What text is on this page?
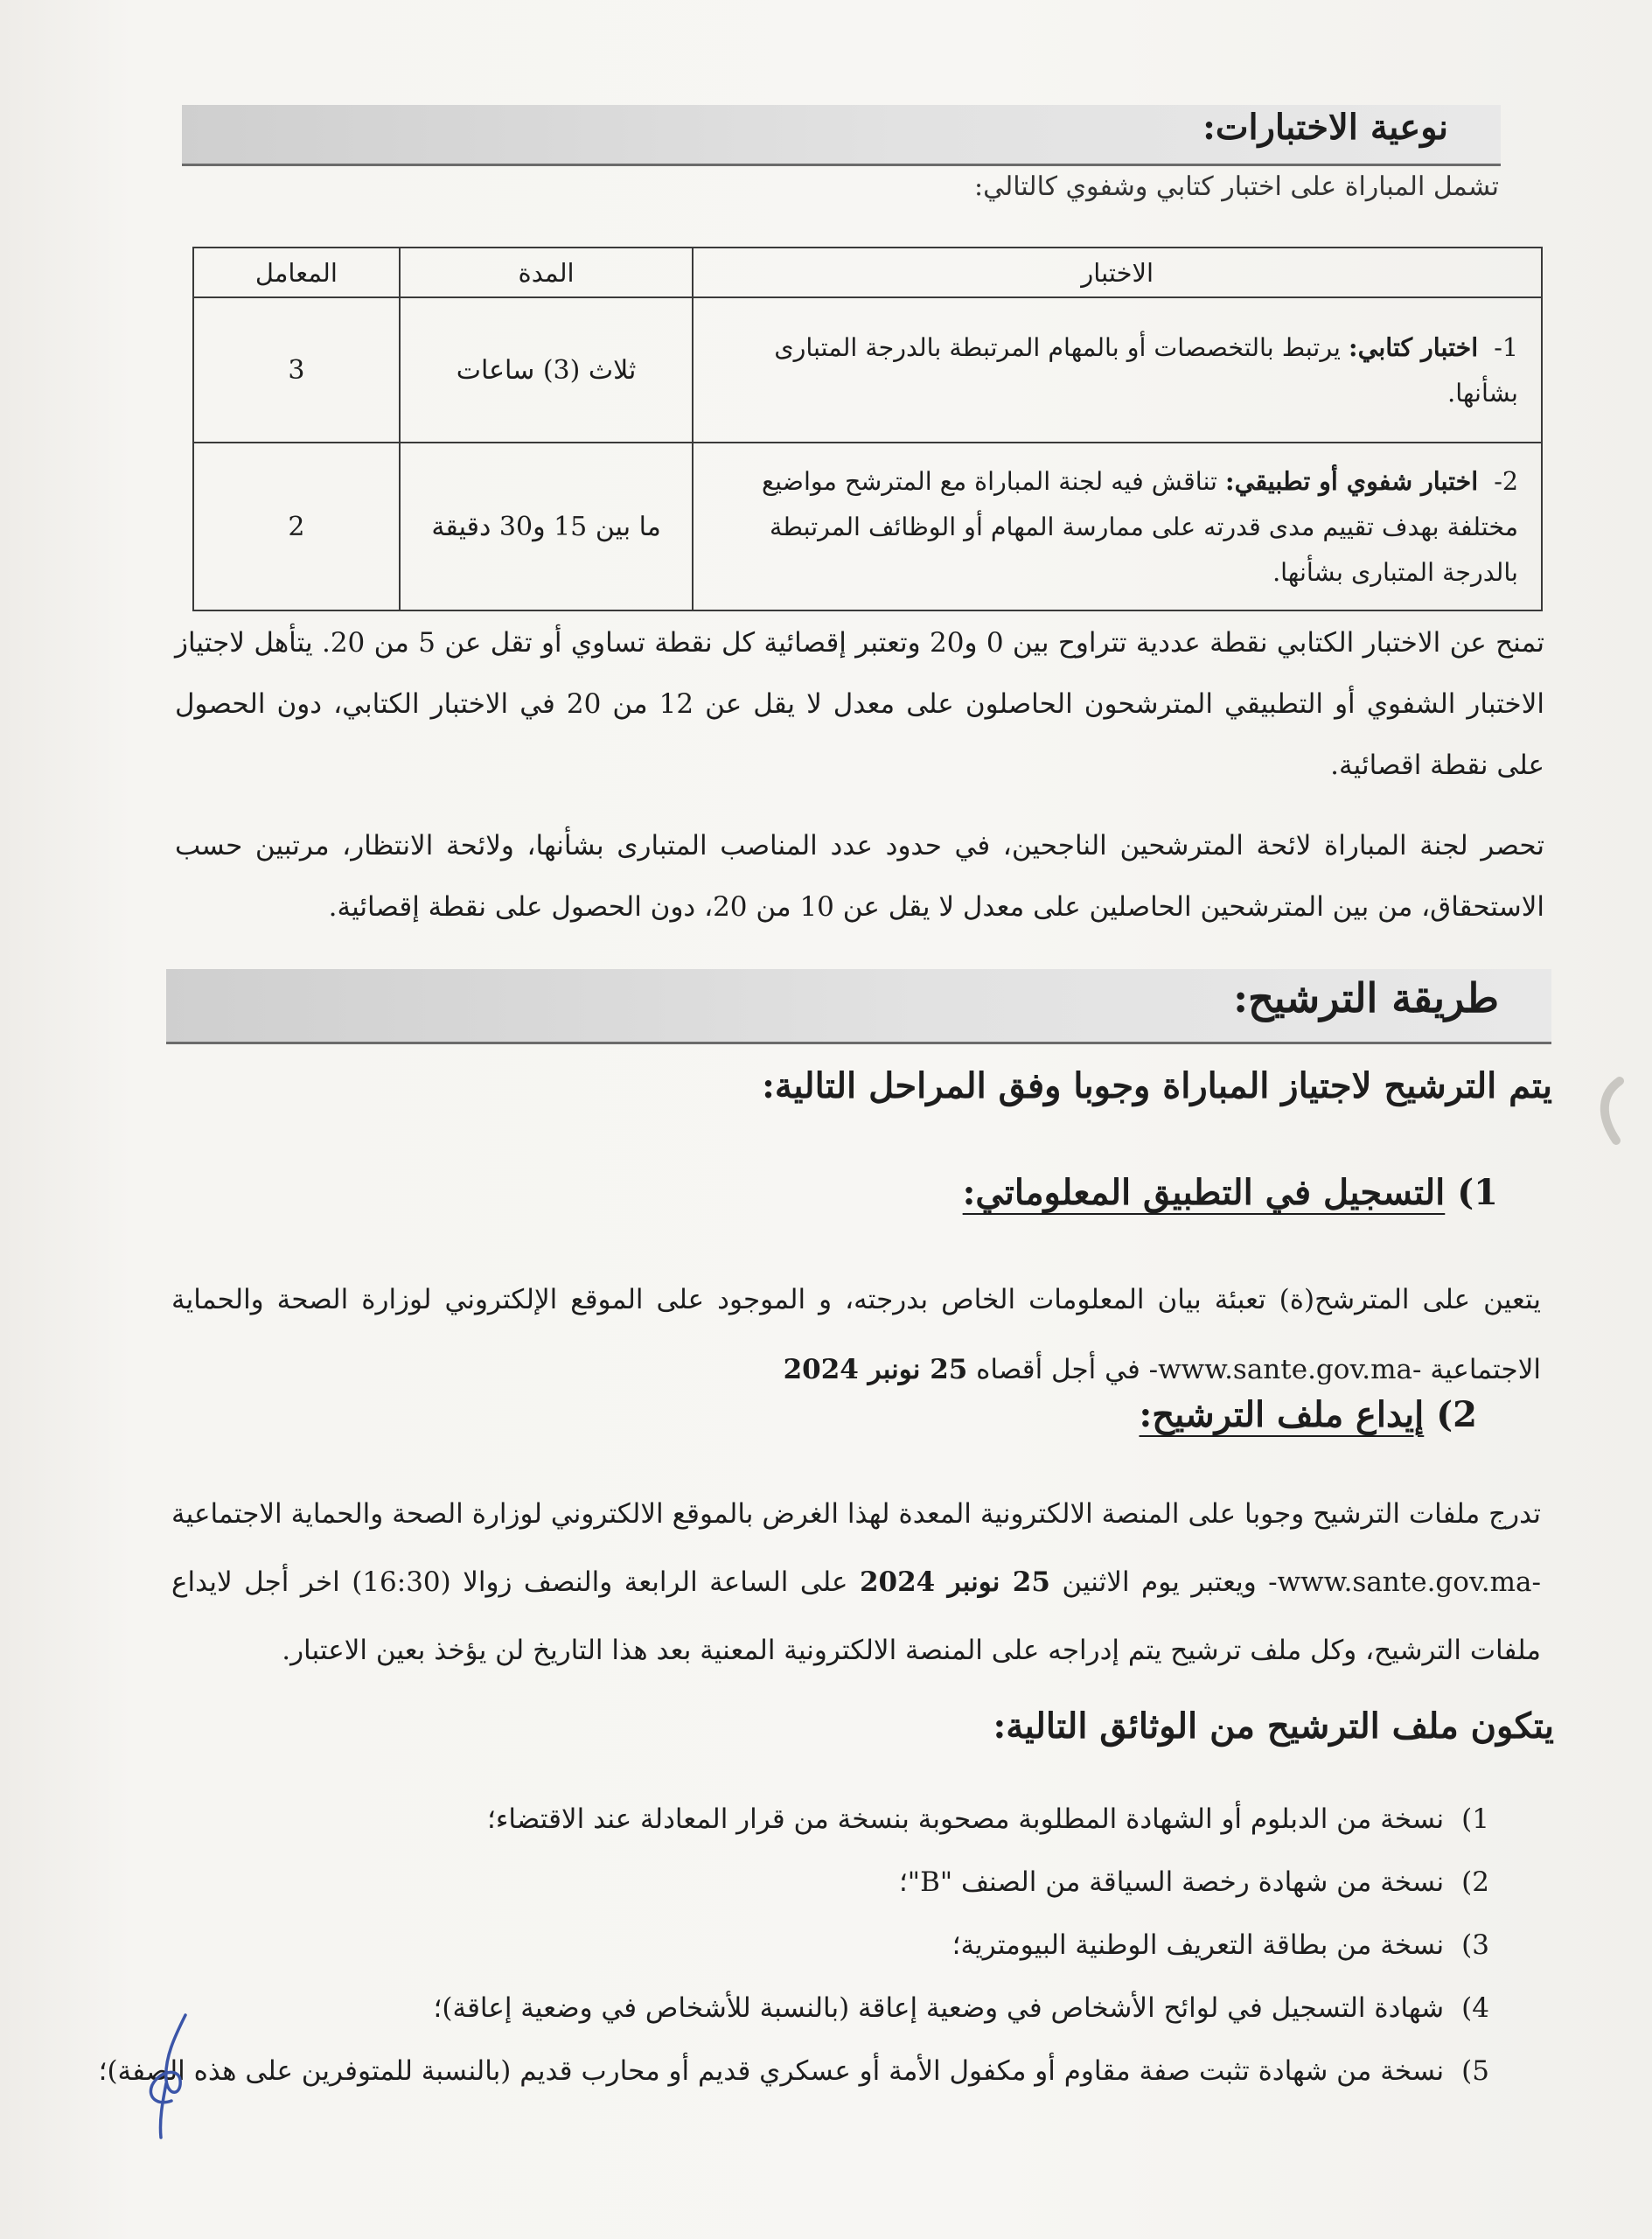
نوعية الاختبارات:
تشمل المباراة على اختبار كتابي وشفوي كالتالي:
الاختبار	المدة	المعامل
1-اختبار كتابي: يرتبط بالتخصصات أو بالمهام المرتبطة بالدرجة المتبارى بشأنها.	ثلاث (3) ساعات	3
2-اختبار شفوي أو تطبيقي: تناقش فيه لجنة المباراة مع المترشح مواضيع مختلفة بهدف تقييم مدى قدرته على ممارسة المهام أو الوظائف المرتبطة بالدرجة المتبارى بشأنها.	ما بين 15 و30 دقيقة	2
تمنح عن الاختبار الكتابي نقطة عددية تتراوح بين 0 و20 وتعتبر إقصائية كل نقطة تساوي أو تقل عن 5 من 20. يتأهل لاجتياز الاختبار الشفوي أو التطبيقي المترشحون الحاصلون على معدل لا يقل عن 12 من 20 في الاختبار الكتابي، دون الحصول على نقطة اقصائية.
تحصر لجنة المباراة لائحة المترشحين الناجحين، في حدود عدد المناصب المتبارى بشأنها، ولائحة الانتظار، مرتبين حسب الاستحقاق، من بين المترشحين الحاصلين على معدل لا يقل عن 10 من 20، دون الحصول على نقطة إقصائية.
طريقة الترشيح:
يتم الترشيح لاجتياز المباراة وجوبا وفق المراحل التالية:
1) التسجيل في التطبيق المعلوماتي:
يتعين على المترشح(ة) تعبئة بيان المعلومات الخاص بدرجته، و الموجود على الموقع الإلكتروني لوزارة الصحة والحماية الاجتماعية -www.sante.gov.ma- في أجل أقصاه 25 نونبر 2024
2) إيداع ملف الترشيح:
تدرج ملفات الترشيح وجوبا على المنصة الالكترونية المعدة لهذا الغرض بالموقع الالكتروني لوزارة الصحة والحماية الاجتماعية -www.sante.gov.ma- ويعتبر يوم الاثنين 25 نونبر 2024 على الساعة الرابعة والنصف زوالا (16:30) اخر أجل لايداع ملفات الترشيح، وكل ملف ترشيح يتم إدراجه على المنصة الالكترونية المعنية بعد هذا التاريخ لن يؤخذ بعين الاعتبار.
يتكون ملف الترشيح من الوثائق التالية:
1)نسخة من الدبلوم أو الشهادة المطلوبة مصحوبة بنسخة من قرار المعادلة عند الاقتضاء؛
2)نسخة من شهادة رخصة السياقة من الصنف "B"؛
3)نسخة من بطاقة التعريف الوطنية البيومترية؛
4)شهادة التسجيل في لوائح الأشخاص في وضعية إعاقة (بالنسبة للأشخاص في وضعية إعاقة)؛
5)نسخة من شهادة تثبت صفة مقاوم أو مكفول الأمة أو عسكري قديم أو محارب قديم (بالنسبة للمتوفرين على هذه الصفة)؛
